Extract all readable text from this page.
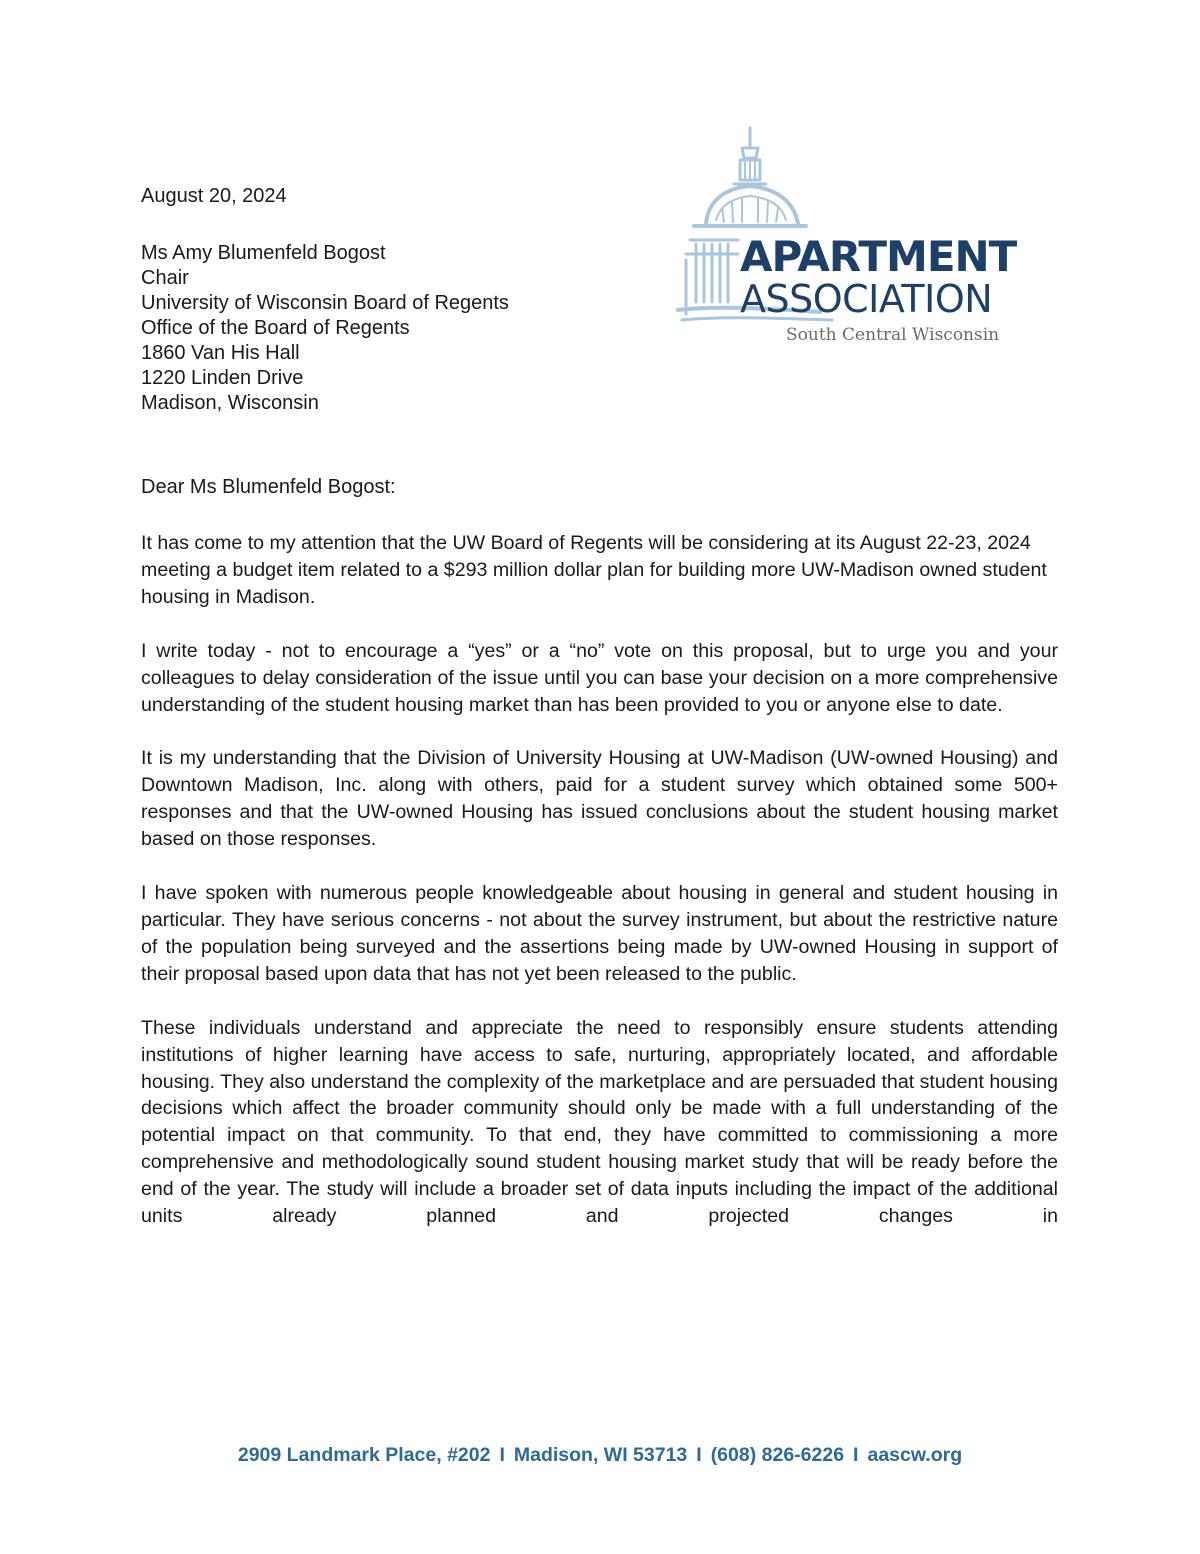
APARTMENT
ASSOCIATION
South Central Wisconsin
August 20, 2024
Ms Amy Blumenfeld Bogost
Chair
University of Wisconsin Board of Regents
Office of the Board of Regents
1860 Van His Hall
1220 Linden Drive
Madison, Wisconsin
Dear Ms Blumenfeld Bogost:

It has come to my attention that the UW Board of Regents will be considering at its August 22-23, 2024 meeting a budget item related to a $293 million dollar plan for building more UW-Madison owned student housing in Madison.

I write today - not to encourage a “yes” or a “no” vote on this proposal, but to urge you and your colleagues to delay consideration of the issue until you can base your decision on a more comprehensive understanding of the student housing market than has been provided to you or anyone else to date.

It is my understanding that the Division of University Housing at UW-Madison (UW-owned Housing) and Downtown Madison, Inc. along with others, paid for a student survey which obtained some 500+ responses and that the UW-owned Housing has issued conclusions about the student housing market based on those responses.

I have spoken with numerous people knowledgeable about housing in general and student housing in particular. They have serious concerns - not about the survey instrument, but about the restrictive nature of the population being surveyed and the assertions being made by UW-owned Housing in support of their proposal based upon data that has not yet been released to the public.

These individuals understand and appreciate the need to responsibly ensure students attending institutions of higher learning have access to safe, nurturing, appropriately located, and affordable housing. They also understand the complexity of the marketplace and are persuaded that student housing decisions which affect the broader community should only be made with a full understanding of the potential impact on that community. To that end, they have committed to commissioning a more comprehensive and methodologically sound student housing market study that will be ready before the end of the year. The study will include a broader set of data inputs including the impact of the additional units already planned and projected changes in

2909 Landmark Place, #202 I Madison, WI 53713 I (608) 826-6226 I aascw.org
